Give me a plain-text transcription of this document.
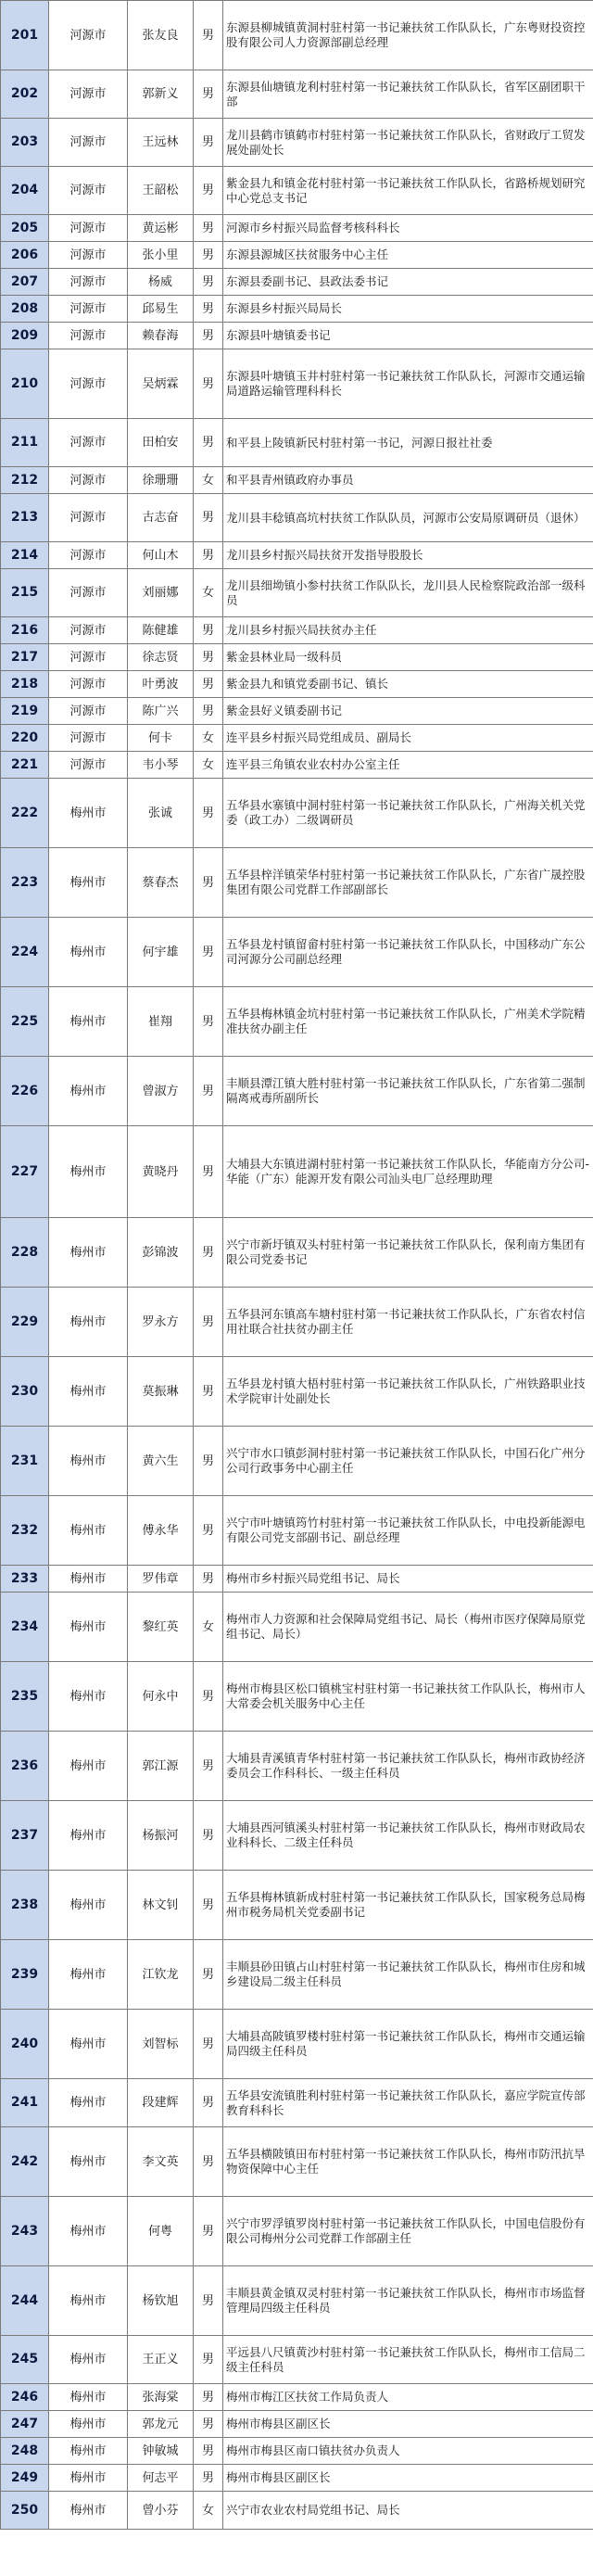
201	河源市	张友良	男	东源县柳城镇黄洞村驻村第一书记兼扶贫工作队队长，广东粤财投资控股有限公司人力资源部副总经理
202	河源市	郭新义	男	东源县仙塘镇龙利村驻村第一书记兼扶贫工作队队长，省军区副团职干部
203	河源市	王远林	男	龙川县鹤市镇鹤市村驻村第一书记兼扶贫工作队队长，省财政厅工贸发展处副处长
204	河源市	王韶松	男	紫金县九和镇金花村驻村第一书记兼扶贫工作队队长，省路桥规划研究中心党总支书记
205	河源市	黄运彬	男	河源市乡村振兴局监督考核科科长
206	河源市	张小里	男	东源县源城区扶贫服务中心主任
207	河源市	杨威	男	东源县委副书记、县政法委书记
208	河源市	邱易生	男	东源县乡村振兴局局长
209	河源市	赖春海	男	东源县叶塘镇委书记
210	河源市	吴炳霖	男	东源县叶塘镇玉井村驻村第一书记兼扶贫工作队队长，河源市交通运输局道路运输管理科科长
211	河源市	田柏安	男	和平县上陵镇新民村驻村第一书记，河源日报社社委
212	河源市	徐珊珊	女	和平县青州镇政府办事员
213	河源市	古志奋	男	龙川县丰稔镇高坑村扶贫工作队队员，河源市公安局原调研员（退休）
214	河源市	何山木	男	龙川县乡村振兴局扶贫开发指导股股长
215	河源市	刘丽娜	女	龙川县细坳镇小参村扶贫工作队队长，龙川县人民检察院政治部一级科员
216	河源市	陈健雄	男	龙川县乡村振兴局扶贫办主任
217	河源市	徐志贤	男	紫金县林业局一级科员
218	河源市	叶勇波	男	紫金县九和镇党委副书记、镇长
219	河源市	陈广兴	男	紫金县好义镇委副书记
220	河源市	何卡	女	连平县乡村振兴局党组成员、副局长
221	河源市	韦小琴	女	连平县三角镇农业农村办公室主任
222	梅州市	张诚	男	五华县水寨镇中洞村驻村第一书记兼扶贫工作队队长，广州海关机关党委（政工办）二级调研员
223	梅州市	蔡春杰	男	五华县梓洋镇荣华村驻村第一书记兼扶贫工作队队长，广东省广晟控股集团有限公司党群工作部副部长
224	梅州市	何宇雄	男	五华县龙村镇留畲村驻村第一书记兼扶贫工作队队长，中国移动广东公司河源分公司副总经理
225	梅州市	崔翔	男	五华县梅林镇金坑村驻村第一书记兼扶贫工作队队长，广州美术学院精准扶贫办副主任
226	梅州市	曾淑方	男	丰顺县潭江镇大胜村驻村第一书记兼扶贫工作队队长，广东省第二强制隔离戒毒所副所长
227	梅州市	黄晓丹	男	大埔县大东镇进湖村驻村第一书记兼扶贫工作队队长，华能南方分公司-华能（广东）能源开发有限公司汕头电厂总经理助理
228	梅州市	彭锦波	男	兴宁市新圩镇双头村驻村第一书记兼扶贫工作队队长，保利南方集团有限公司党委书记
229	梅州市	罗永方	男	五华县河东镇高车塘村驻村第一书记兼扶贫工作队队长，广东省农村信用社联合社扶贫办副主任
230	梅州市	莫振琳	男	五华县龙村镇大梧村驻村第一书记兼扶贫工作队队长，广州铁路职业技术学院审计处副处长
231	梅州市	黄六生	男	兴宁市水口镇彭洞村驻村第一书记兼扶贫工作队队长，中国石化广州分公司行政事务中心副主任
232	梅州市	傅永华	男	兴宁市叶塘镇筠竹村驻村第一书记兼扶贫工作队队长，中电投新能源电有限公司党支部副书记、副总经理
233	梅州市	罗伟章	男	梅州市乡村振兴局党组书记、局长
234	梅州市	黎红英	女	梅州市人力资源和社会保障局党组书记、局长（梅州市医疗保障局原党组书记、局长）
235	梅州市	何永中	男	梅州市梅县区松口镇桃宝村驻村第一书记兼扶贫工作队队长，梅州市人大常委会机关服务中心主任
236	梅州市	郭江源	男	大埔县青溪镇青华村驻村第一书记兼扶贫工作队队长，梅州市政协经济委员会工作科科长、一级主任科员
237	梅州市	杨振河	男	大埔县西河镇溪头村驻村第一书记兼扶贫工作队队长，梅州市财政局农业科科长、二级主任科员
238	梅州市	林文钊	男	五华县梅林镇新成村驻村第一书记兼扶贫工作队队长，国家税务总局梅州市税务局机关党委副书记
239	梅州市	江钦龙	男	丰顺县砂田镇占山村驻村第一书记兼扶贫工作队队长，梅州市住房和城乡建设局二级主任科员
240	梅州市	刘智标	男	大埔县高陂镇罗楼村驻村第一书记兼扶贫工作队队长，梅州市交通运输局四级主任科员
241	梅州市	段建辉	男	五华县安流镇胜利村驻村第一书记兼扶贫工作队队长，嘉应学院宣传部教育科科长
242	梅州市	李文英	男	五华县横陂镇田布村驻村第一书记兼扶贫工作队队长，梅州市防汛抗旱物资保障中心主任
243	梅州市	何粤	男	兴宁市罗浮镇罗岗村驻村第一书记兼扶贫工作队队长，中国电信股份有限公司梅州分公司党群工作部副主任
244	梅州市	杨钦旭	男	丰顺县黄金镇双灵村驻村第一书记兼扶贫工作队队长，梅州市市场监督管理局四级主任科员
245	梅州市	王正义	男	平远县八尺镇黄沙村驻村第一书记兼扶贫工作队队长，梅州市工信局二级主任科员
246	梅州市	张海棠	男	梅州市梅江区扶贫工作局负责人
247	梅州市	郭龙元	男	梅州市梅县区副区长
248	梅州市	钟敏城	男	梅州市梅县区南口镇扶贫办负责人
249	梅州市	何志平	男	梅州市梅县区副区长
250	梅州市	曾小芬	女	兴宁市农业农村局党组书记、局长
